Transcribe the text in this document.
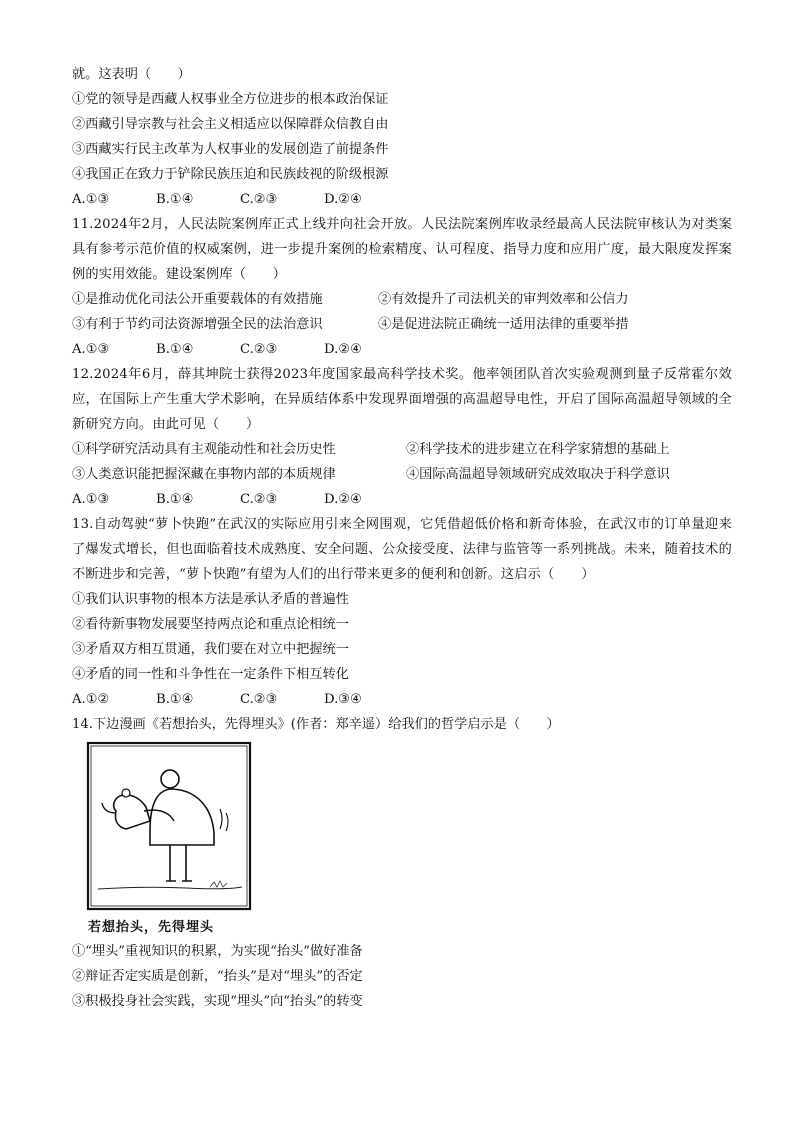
就。这表明（　　）
①党的领导是西藏人权事业全方位进步的根本政治保证
②西藏引导宗教与社会主义相适应以保障群众信教自由
③西藏实行民主改革为人权事业的发展创造了前提条件
④我国正在致力于铲除民族压迫和民族歧视的阶级根源
A.①③	B.①④	C.②③	D.②④
11.2024年2月，人民法院案例库正式上线并向社会开放。人民法院案例库收录经最高人民法院审核认为对类案具有参考示范价值的权威案例，进一步提升案例的检索精度、认可程度、指导力度和应用广度，最大限度发挥案例的实用效能。建设案例库（　　）
①是推动优化司法公开重要载体的有效措施	②有效提升了司法机关的审判效率和公信力
③有利于节约司法资源增强全民的法治意识	④是促进法院正确统一适用法律的重要举措
A.①③	B.①④	C.②③	D.②④
12.2024年6月，薛其坤院士获得2023年度国家最高科学技术奖。他率领团队首次实验观测到量子反常霍尔效应，在国际上产生重大学术影响，在异质结体系中发现界面增强的高温超导电性，开启了国际高温超导领域的全新研究方向。由此可见（　　）
①科学研究活动具有主观能动性和社会历史性	②科学技术的进步建立在科学家猜想的基础上
③人类意识能把握深藏在事物内部的本质规律	④国际高温超导领域研究成效取决于科学意识
A.①③	B.①④	C.②③	D.②④
13.自动驾驶“萝卜快跑”在武汉的实际应用引来全网围观，它凭借超低价格和新奇体验，在武汉市的订单量迎来了爆发式增长，但也面临着技术成熟度、安全问题、公众接受度、法律与监管等一系列挑战。未来，随着技术的不断进步和完善，“萝卜快跑”有望为人们的出行带来更多的便利和创新。这启示（　　）
①我们认识事物的根本方法是承认矛盾的普遍性
②看待新事物发展要坚持两点论和重点论相统一
③矛盾双方相互贯通，我们要在对立中把握统一
④矛盾的同一性和斗争性在一定条件下相互转化
A.①②	B.①④	C.②③	D.③④
14.下边漫画《若想抬头，先得埋头》(作者：郑辛遥）给我们的哲学启示是（　　）
若想抬头，先得埋头
①“埋头”重视知识的积累，为实现“抬头”做好准备
②辩证否定实质是创新，“抬头”是对“埋头”的否定
③积极投身社会实践，实现“埋头”向“抬头”的转变
